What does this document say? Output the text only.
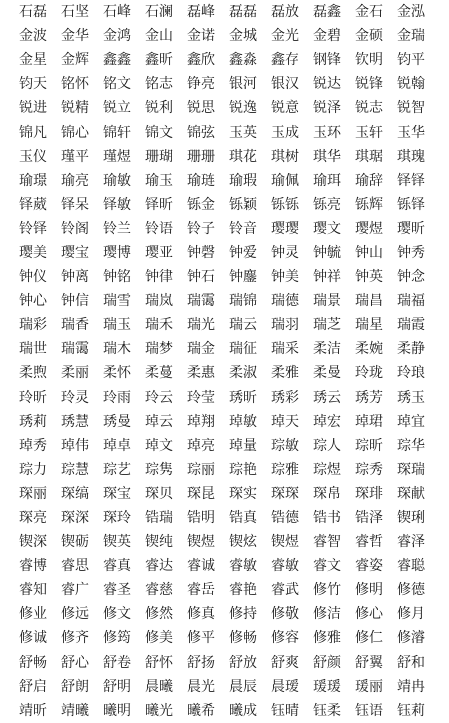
石磊	石坚	石峰	石澜	磊峰	磊磊	磊放	磊鑫	金石	金泓
金波	金华	金鸿	金山	金诺	金城	金光	金碧	金硕	金瑞
金星	金辉	鑫鑫	鑫昕	鑫欣	鑫淼	鑫存	钢锋	钦明	钧平
钧天	铭怀	铭文	铭志	铮亮	银河	银汉	锐达	锐锋	锐翰
锐进	锐精	锐立	锐利	锐思	锐逸	锐意	锐泽	锐志	锐智
锦凡	锦心	锦轩	锦文	锦弦	玉英	玉成	玉环	玉轩	玉华
玉仪	瑾平	瑾煜	珊瑚	珊珊	琪花	琪树	琪华	琪琚	琪瑰
瑜璟	瑜亮	瑜敏	瑜玉	瑜琏	瑜瑕	瑜佩	瑜珥	瑜辞	铎铎
铎葳	铎呆	铎敏	铎昕	铄金	铄颖	铄铄	铄亮	铄辉	铄铎
铃铎	铃阁	铃兰	铃语	铃子	铃音	璎璎	璎文	璎煜	璎昕
璎美	璎宝	璎博	璎亚	钟磬	钟爱	钟灵	钟毓	钟山	钟秀
钟仪	钟离	钟铭	钟律	钟石	钟鏖	钟美	钟祥	钟英	钟念
钟心	钟信	瑞雪	瑞岚	瑞霭	瑞锦	瑞德	瑞景	瑞昌	瑞福
瑞彩	瑞香	瑞玉	瑞禾	瑞光	瑞云	瑞羽	瑞芝	瑞星	瑞霞
瑞世	瑞霭	瑞木	瑞梦	瑞金	瑞征	瑞采	柔洁	柔婉	柔静
柔煦	柔丽	柔怀	柔蔓	柔惠	柔淑	柔雅	柔曼	玲珑	玲琅
玲昕	玲灵	玲雨	玲云	玲莹	琇昕	琇彩	琇云	琇芳	琇玉
琇莉	琇慧	琇曼	琸云	琸翔	琸敏	琸天	琸宏	琸珺	琸宜
琸秀	琸伟	琸卓	琸文	琸亮	琸量	琮敏	琮人	琮昕	琮华
琮力	琮慧	琮艺	琮隽	琮丽	琮艳	琮雅	琮煜	琮秀	琛瑞
琛丽	琛缟	琛宝	琛贝	琛昆	琛实	琛琛	琛帛	琛琲	琛献
琛亮	琛深	琛玲	锆瑞	锆明	锆真	锆德	锆书	锆泽	锲琍
锲深	锲砺	锲英	锲纯	锲煜	锲炫	锲煜	睿智	睿哲	睿泽
睿博	睿思	睿真	睿达	睿诚	睿敏	睿敏	睿文	睿姿	睿聪
睿知	睿广	睿圣	睿慈	睿岳	睿艳	睿武	修竹	修明	修德
修业	修远	修文	修然	修真	修持	修敬	修洁	修心	修月
修诚	修齐	修筠	修美	修平	修畅	修容	修雅	修仁	修濬
舒畅	舒心	舒卷	舒怀	舒扬	舒放	舒爽	舒颜	舒翼	舒和
舒启	舒朗	舒明	晨曦	晨光	晨辰	晨瑷	瑗瑗	瑗丽	靖冉
靖昕	靖曦	曦明	曦光	曦希	曦成	钰晴	钰柔	钰语	钰莉
